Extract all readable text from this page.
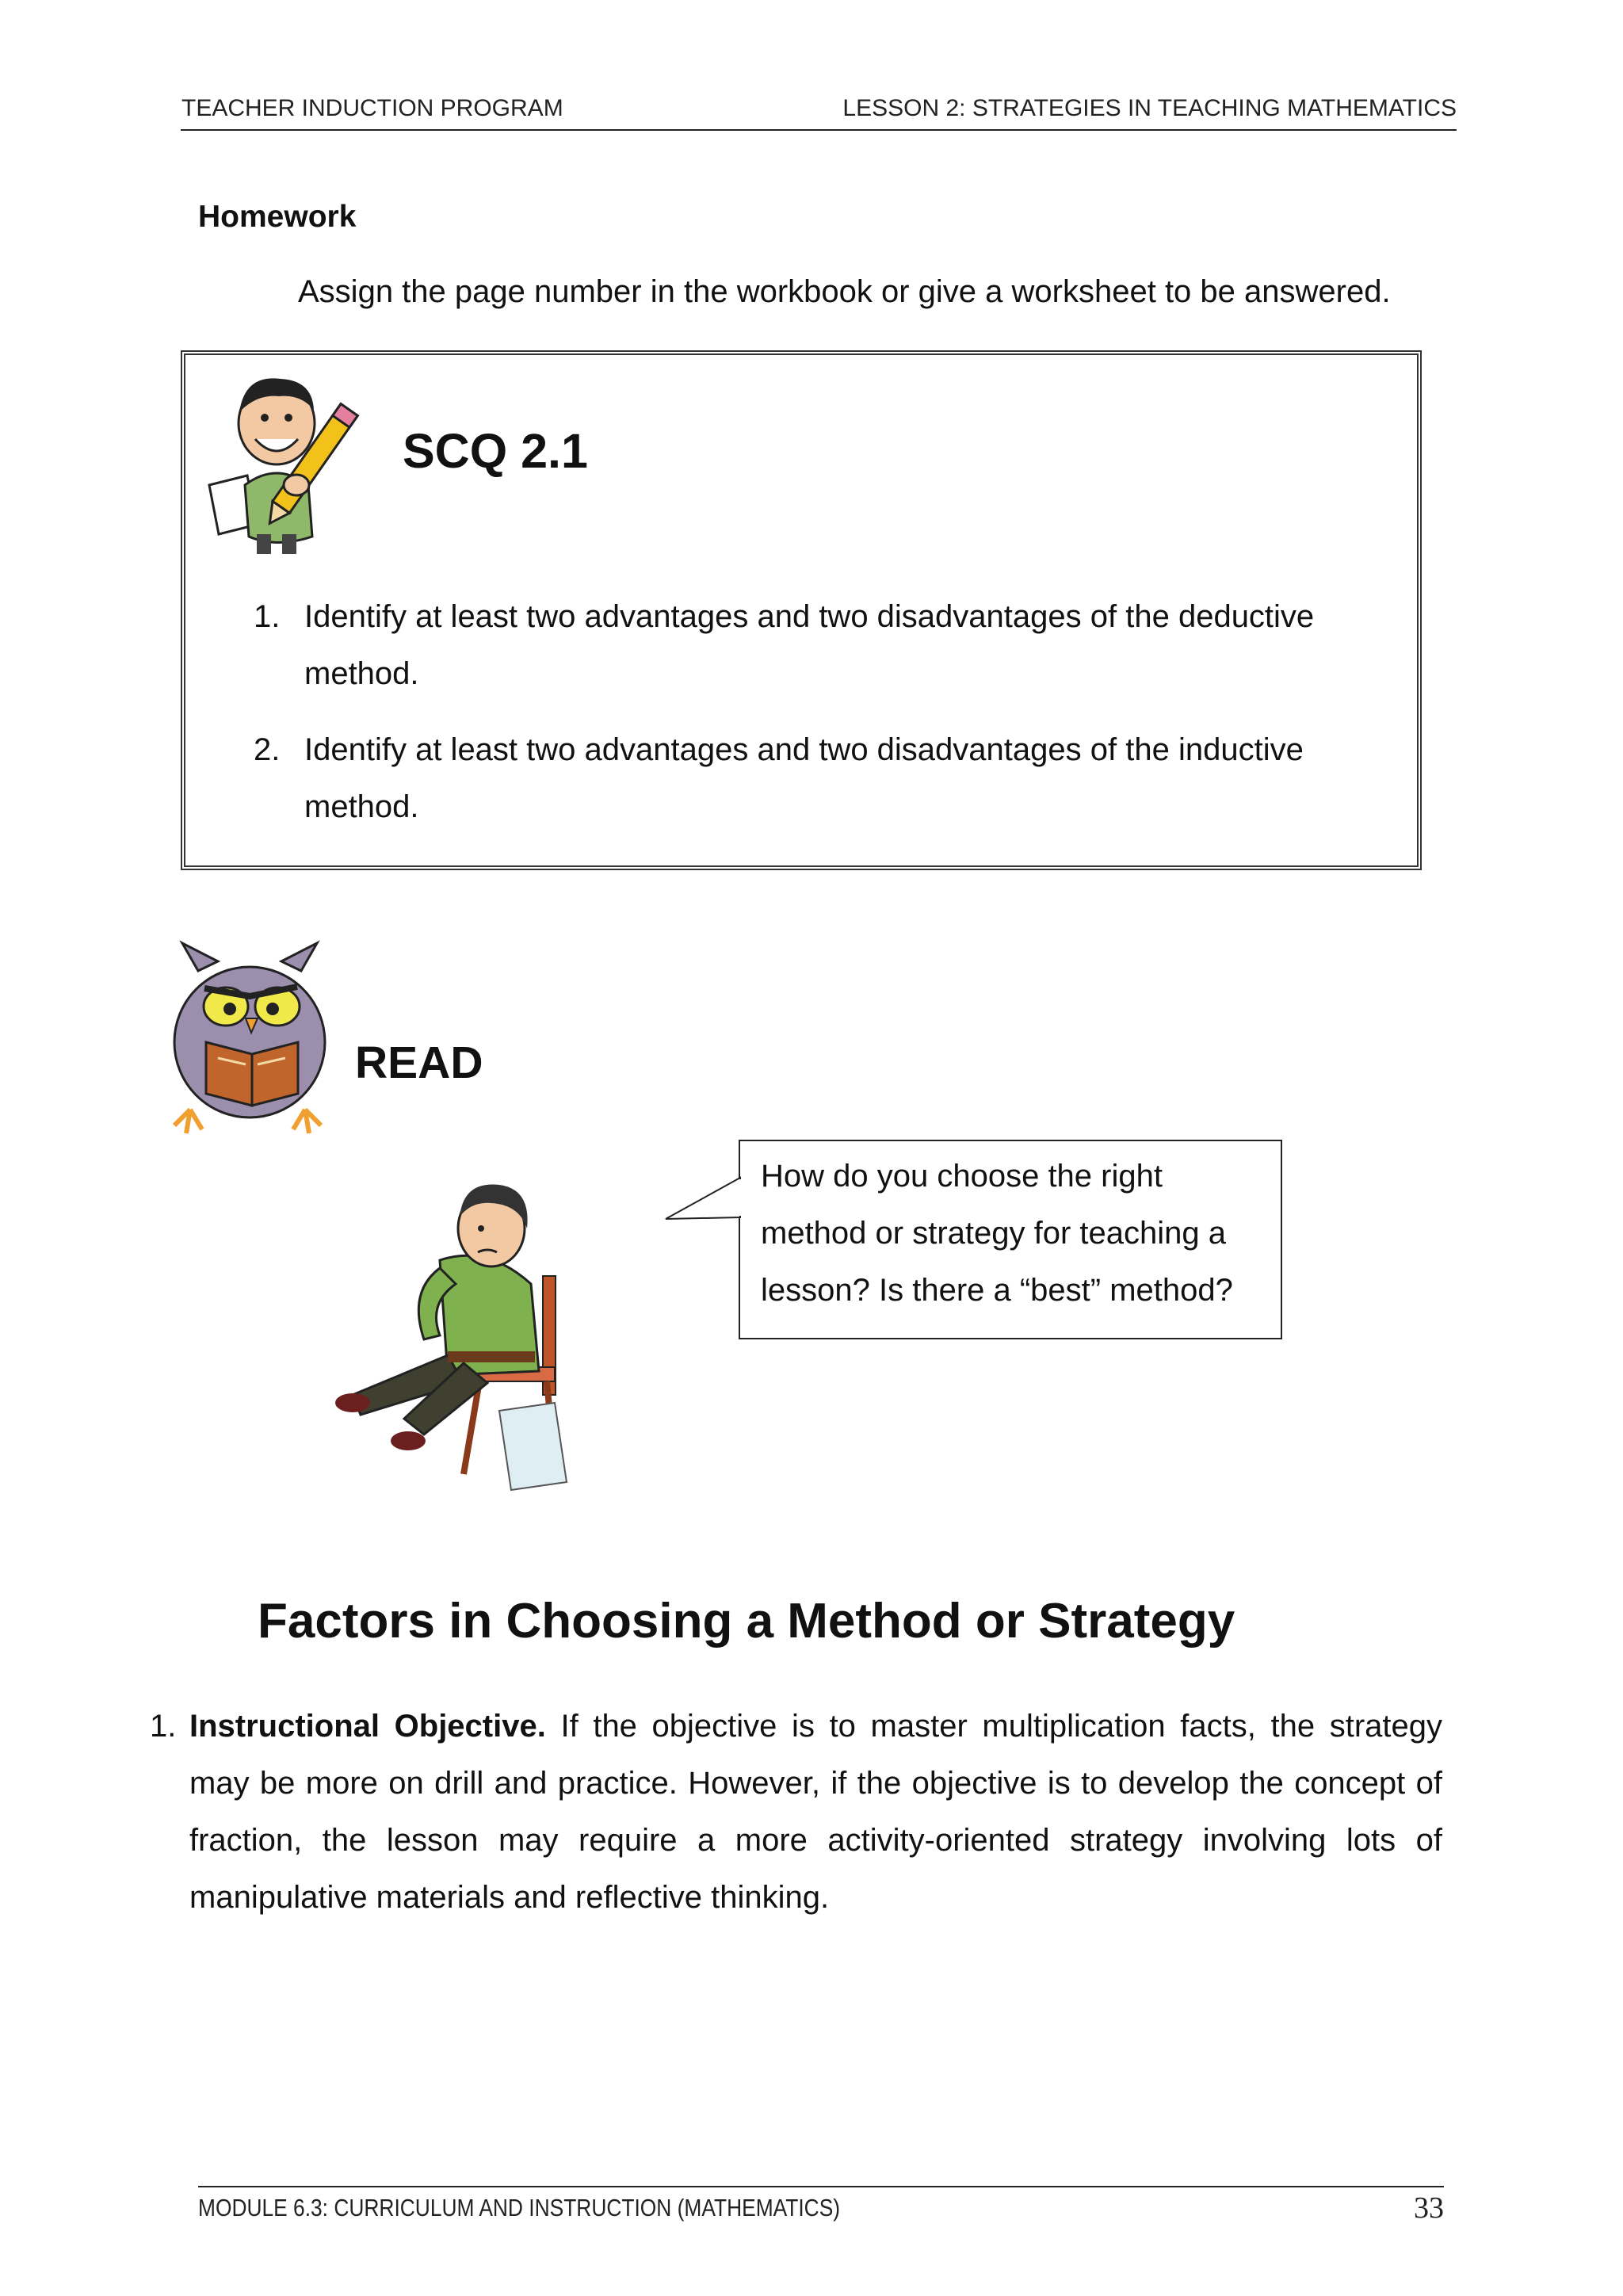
TEACHER INDUCTION PROGRAM	LESSON 2: STRATEGIES IN TEACHING MATHEMATICS
Homework
Assign the page number in the workbook or give a worksheet to be answered.
SCQ 2.1
1. Identify at least two advantages and two disadvantages of the deductive
method.
2. Identify at least two advantages and two disadvantages of the inductive
method.
READ
How do you choose the right
method or strategy for teaching a
lesson? Is there a “best” method?
Factors in Choosing a Method or Strategy
1. Instructional Objective. If the objective is to master multiplication facts, the strategy may be more on drill and practice. However, if the objective is to develop the concept of fraction, the lesson may require a more activity-oriented strategy involving lots of manipulative materials and reflective thinking.
MODULE 6.3: CURRICULUM AND INSTRUCTION (MATHEMATICS)	33
